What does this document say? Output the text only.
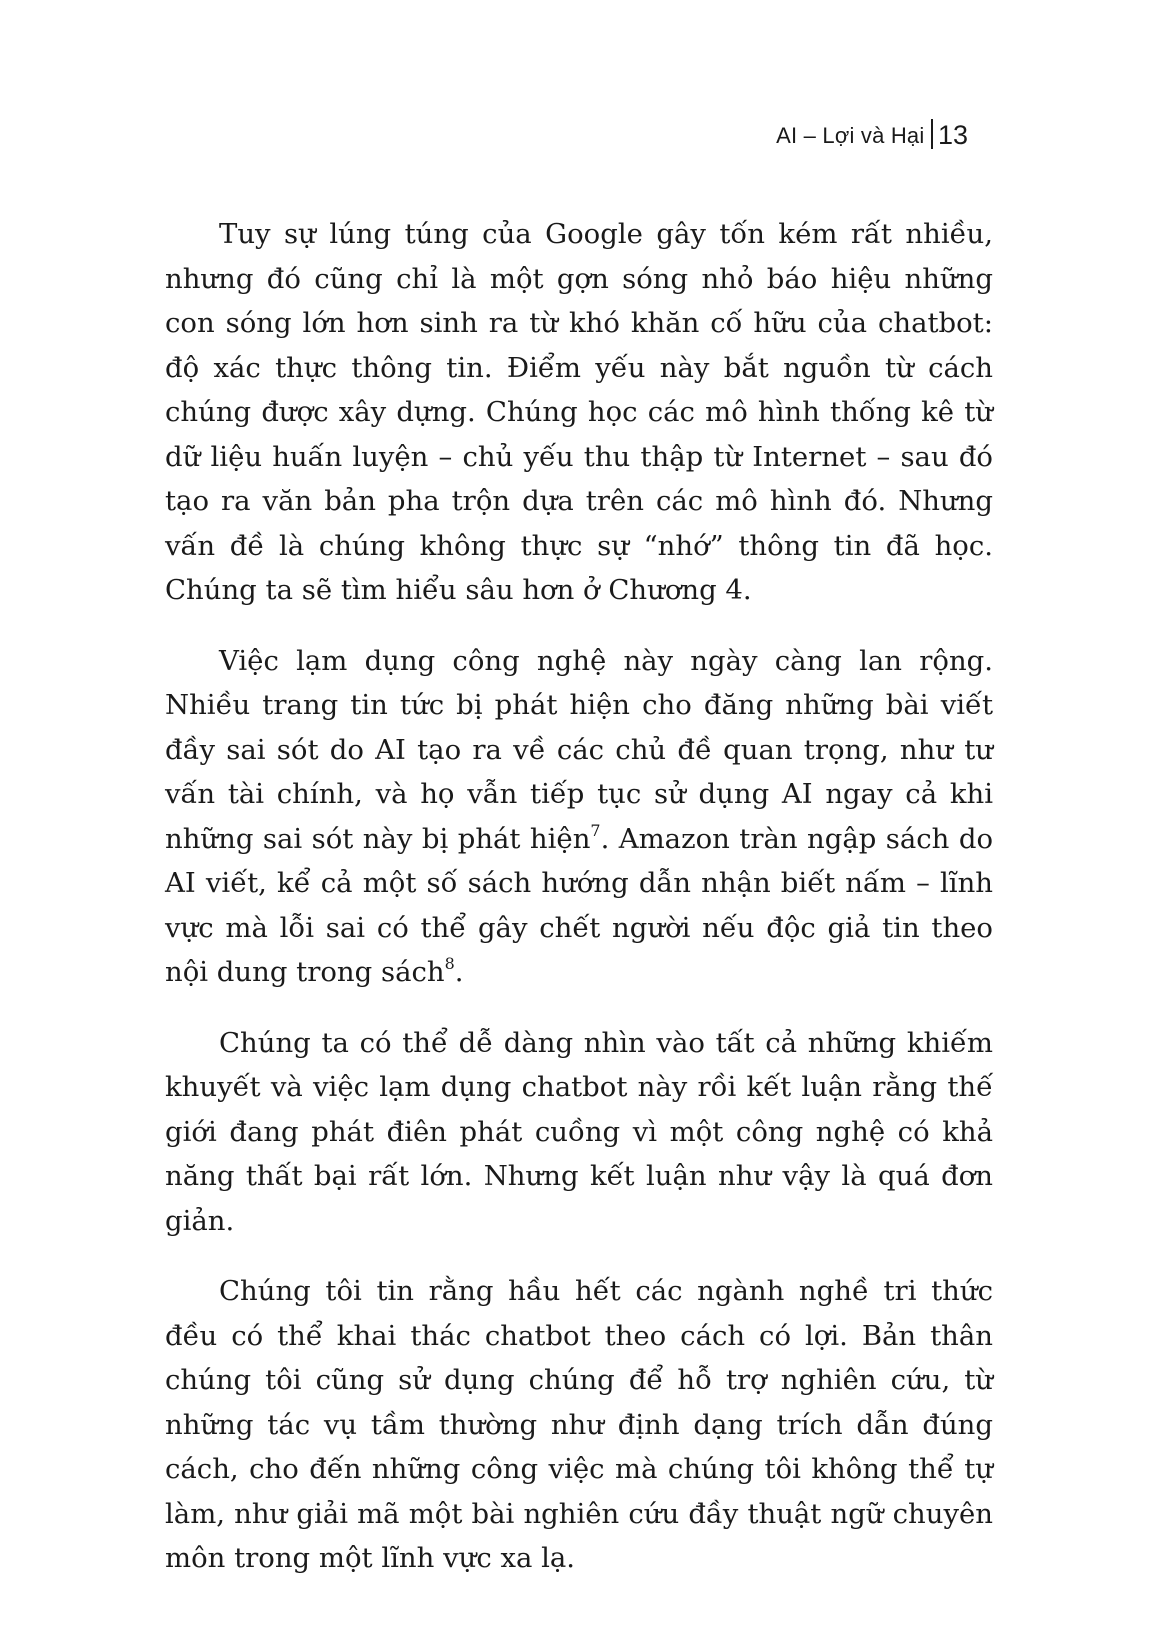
AI – Lợi và Hại 13

Tuy sự lúng túng của Google gây tốn kém rất nhiều, nhưng đó cũng chỉ là một gợn sóng nhỏ báo hiệu những con sóng lớn hơn sinh ra từ khó khăn cố hữu của chatbot: độ xác thực thông tin. Điểm yếu này bắt nguồn từ cách chúng được xây dựng. Chúng học các mô hình thống kê từ dữ liệu huấn luyện – chủ yếu thu thập từ Internet – sau đó tạo ra văn bản pha trộn dựa trên các mô hình đó. Nhưng vấn đề là chúng không thực sự “nhớ” thông tin đã học. Chúng ta sẽ tìm hiểu sâu hơn ở Chương 4.

Việc lạm dụng công nghệ này ngày càng lan rộng. Nhiều trang tin tức bị phát hiện cho đăng những bài viết đầy sai sót do AI tạo ra về các chủ đề quan trọng, như tư vấn tài chính, và họ vẫn tiếp tục sử dụng AI ngay cả khi những sai sót này bị phát hiện$^7$. Amazon tràn ngập sách do AI viết, kể cả một số sách hướng dẫn nhận biết nấm – lĩnh vực mà lỗi sai có thể gây chết người nếu độc giả tin theo nội dung trong sách$^8$.

Chúng ta có thể dễ dàng nhìn vào tất cả những khiếm khuyết và việc lạm dụng chatbot này rồi kết luận rằng thế giới đang phát điên phát cuồng vì một công nghệ có khả năng thất bại rất lớn. Nhưng kết luận như vậy là quá đơn giản.

Chúng tôi tin rằng hầu hết các ngành nghề tri thức đều có thể khai thác chatbot theo cách có lợi. Bản thân chúng tôi cũng sử dụng chúng để hỗ trợ nghiên cứu, từ những tác vụ tầm thường như định dạng trích dẫn đúng cách, cho đến những công việc mà chúng tôi không thể tự làm, như giải mã một bài nghiên cứu đầy thuật ngữ chuyên môn trong một lĩnh vực xa lạ.
